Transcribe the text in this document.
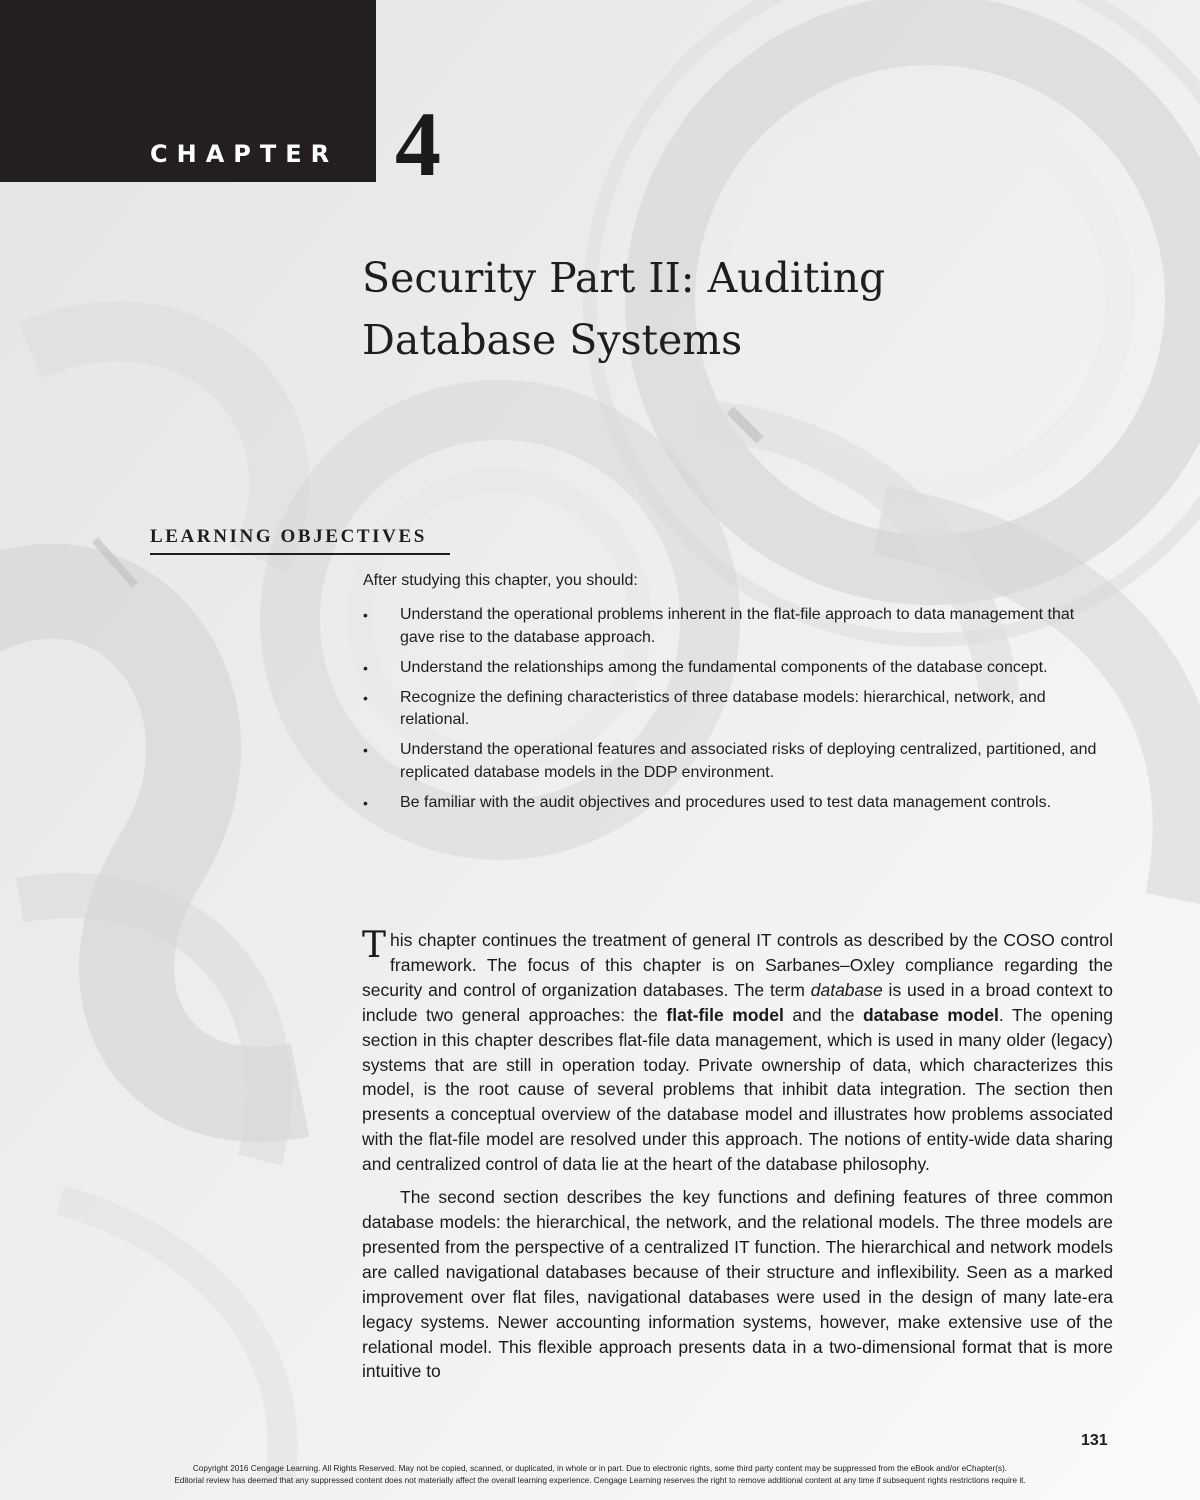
CHAPTER 4
Security Part II: Auditing
Database Systems
LEARNING OBJECTIVES
After studying this chapter, you should:
•	Understand the operational problems inherent in the flat-file approach to data management that gave rise to the database approach.
•	Understand the relationships among the fundamental components of the database concept.
•	Recognize the defining characteristics of three database models: hierarchical, network, and relational.
•	Understand the operational features and associated risks of deploying centralized, partitioned, and replicated database models in the DDP environment.
•	Be familiar with the audit objectives and procedures used to test data management controls.

This chapter continues the treatment of general IT controls as described by the COSO control framework. The focus of this chapter is on Sarbanes–Oxley compliance regarding the security and control of organization databases. The term database is used in a broad context to include two general approaches: the flat-file model and the database model. The opening section in this chapter describes flat-file data management, which is used in many older (legacy) systems that are still in operation today. Private ownership of data, which characterizes this model, is the root cause of several problems that inhibit data integration. The section then presents a conceptual overview of the database model and illustrates how problems associated with the flat-file model are resolved under this approach. The notions of entity-wide data sharing and centralized control of data lie at the heart of the database philosophy.

The second section describes the key functions and defining features of three common database models: the hierarchical, the network, and the relational models. The three models are presented from the perspective of a centralized IT function. The hierarchical and network models are called navigational databases because of their structure and inflexibility. Seen as a marked improvement over flat files, navigational databases were used in the design of many late-era legacy systems. Newer accounting information systems, however, make extensive use of the relational model. This flexible approach presents data in a two-dimensional format that is more intuitive to

131
Copyright 2016 Cengage Learning. All Rights Reserved. May not be copied, scanned, or duplicated, in whole or in part. Due to electronic rights, some third party content may be suppressed from the eBook and/or eChapter(s).
Editorial review has deemed that any suppressed content does not materially affect the overall learning experience. Cengage Learning reserves the right to remove additional content at any time if subsequent rights restrictions require it.
